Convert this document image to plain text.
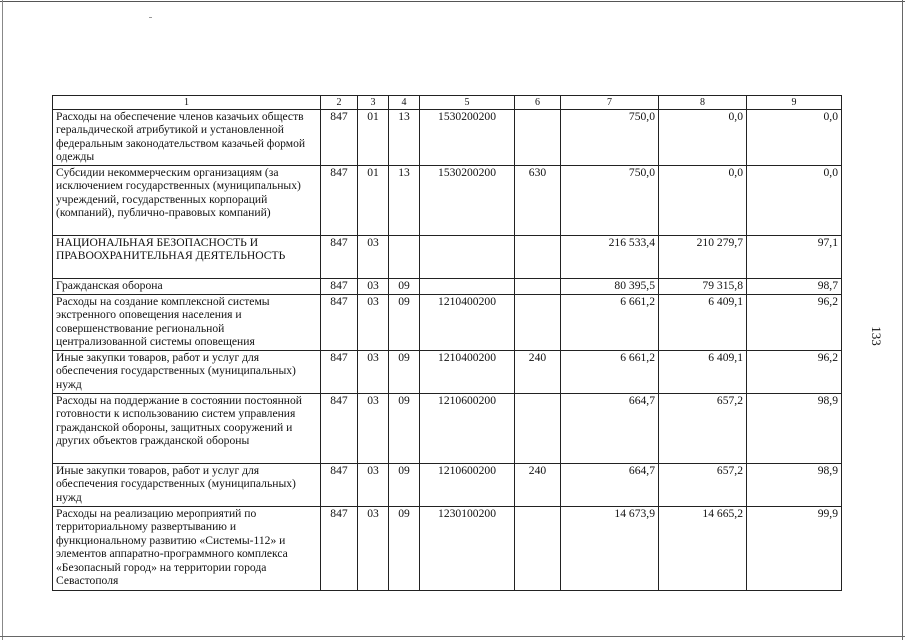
133
1	2	3	4	5	6	7	8	9
Расходы на обеспечение членов казачьих обществ геральдической атрибутикой и установленной федеральным законодательством казачьей формой одежды	847	01	13	1530200200		750,0	0,0	0,0
Субсидии некоммерческим организациям (за исключением государственных (муниципальных) учреждений, государственных корпораций (компаний), публично-правовых компаний)	847	01	13	1530200200	630	750,0	0,0	0,0
НАЦИОНАЛЬНАЯ БЕЗОПАСНОСТЬ И ПРАВООХРАНИТЕЛЬНАЯ ДЕЯТЕЛЬНОСТЬ	847	03				216 533,4	210 279,7	97,1
Гражданская оборона	847	03	09			80 395,5	79 315,8	98,7
Расходы на создание комплексной системы экстренного оповещения населения и совершенствование региональной централизованной системы оповещения	847	03	09	1210400200		6 661,2	6 409,1	96,2
Иные закупки товаров, работ и услуг для обеспечения государственных (муниципальных) нужд	847	03	09	1210400200	240	6 661,2	6 409,1	96,2
Расходы на поддержание в состоянии постоянной готовности к использованию систем управления гражданской обороны, защитных сооружений и других объектов гражданской обороны	847	03	09	1210600200		664,7	657,2	98,9
Иные закупки товаров, работ и услуг для обеспечения государственных (муниципальных) нужд	847	03	09	1210600200	240	664,7	657,2	98,9
Расходы на реализацию мероприятий по территориальному развертыванию и функциональному развитию «Системы-112» и элементов аппаратно-программного комплекса «Безопасный город» на территории города Севастополя	847	03	09	1230100200		14 673,9	14 665,2	99,9
